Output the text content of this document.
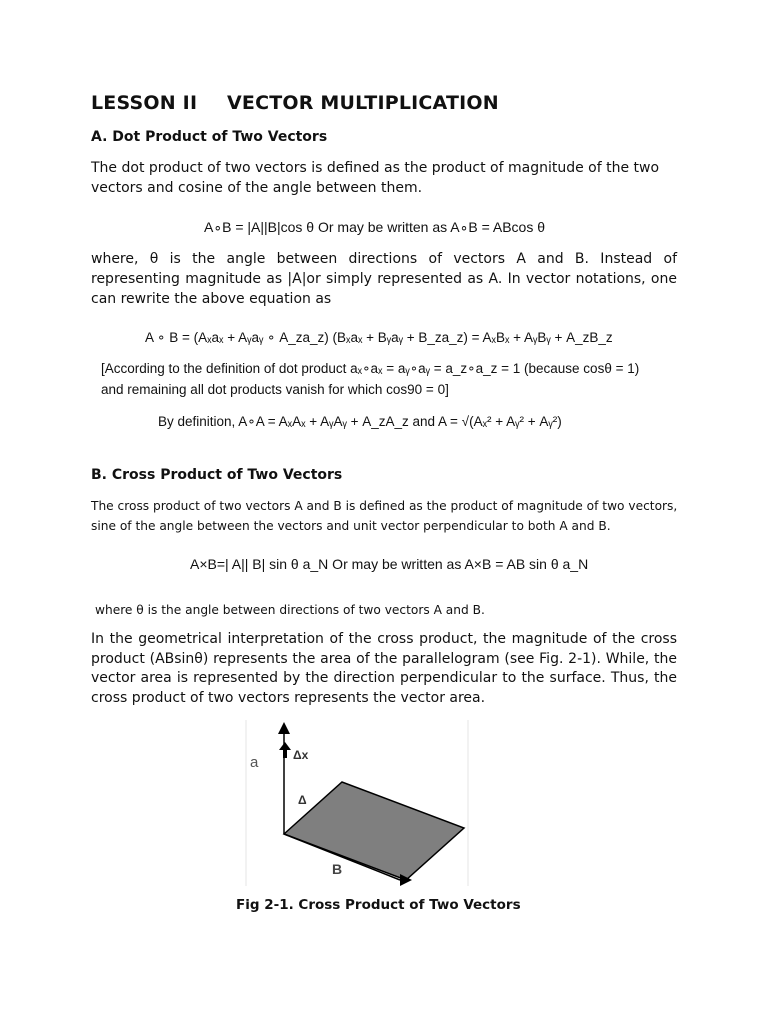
LESSON II VECTOR MULTIPLICATION
A. Dot Product of Two Vectors
The dot product of two vectors is defined as the product of magnitude of the two vectors and cosine of the angle between them.
A∘B = |A||B|cos θ Or may be written as A∘B = ABcos θ
where, θ is the angle between directions of vectors A and B. Instead of representing magnitude as |A|or simply represented as A. In vector notations, one can rewrite the above equation as
A ∘ B = (Aₓaₓ + Aᵧaᵧ ∘ A_za_z) (Bₓaₓ + Bᵧaᵧ + B_za_z) = AₓBₓ + AᵧBᵧ + A_zB_z
[According to the definition of dot product aₓ∘aₓ = aᵧ∘aᵧ = a_z∘a_z = 1 (because cosθ = 1)
and remaining all dot products vanish for which cos90 = 0]
By definition, A∘A = AₓAₓ + AᵧAᵧ + A_zA_z and A = √(Aₓ² + Aᵧ² + Aᵧ²)
B. Cross Product of Two Vectors
The cross product of two vectors A and B is defined as the product of magnitude of two vectors, sine of the angle between the vectors and unit vector perpendicular to both A and B.
A×B=| A|| B| sin θ a_N Or may be written as A×B = AB sin θ a_N
where θ is the angle between directions of two vectors A and B.
In the geometrical interpretation of the cross product, the magnitude of the cross product (ABsinθ) represents the area of the parallelogram (see Fig. 2-1). While, the vector area is represented by the direction perpendicular to the surface. Thus, the cross product of two vectors represents the vector area.
a	Δx
Δ
B
Fig 2-1. Cross Product of Two Vectors
